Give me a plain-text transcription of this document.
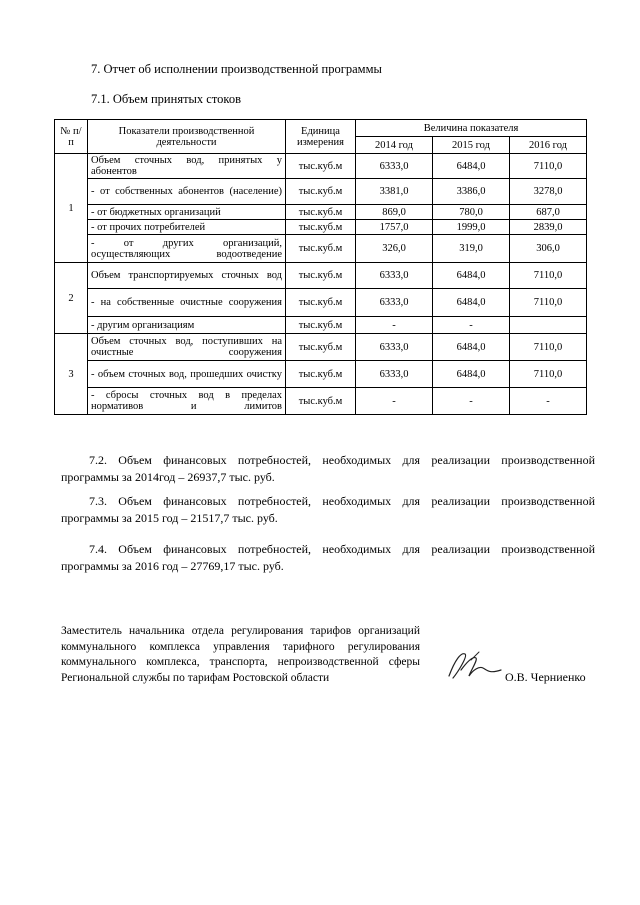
7. Отчет об исполнении производственной программы
7.1. Объем принятых стоков
№ п/п	Показатели производственной деятельности	Единица измерения	Величина показателя		
			2014 год	2015 год	2016 год
1	Объем сточных вод, принятых у абонентов	тыс.куб.м	6333,0	6484,0	7110,0
	- от собственных абонентов (население)	тыс.куб.м	3381,0	3386,0	3278,0
	- от бюджетных организаций	тыс.куб.м	869,0	780,0	687,0
	- от прочих потребителей	тыс.куб.м	1757,0	1999,0	2839,0
	- от других организаций, осуществляющих водоотведение	тыс.куб.м	326,0	319,0	306,0
2	Объем транспортируемых сточных вод	тыс.куб.м	6333,0	6484,0	7110,0
	- на собственные очистные сооружения	тыс.куб.м	6333,0	6484,0	7110,0
	- другим организациям	тыс.куб.м	-	-	
3	Объем сточных вод, поступивших на очистные сооружения	тыс.куб.м	6333,0	6484,0	7110,0
	- объем сточных вод, прошедших очистку	тыс.куб.м	6333,0	6484,0	7110,0
	- сбросы сточных вод в пределах нормативов и лимитов	тыс.куб.м	-	-	-
7.2. Объем финансовых потребностей, необходимых для реализации производственной программы за 2014год – 26937,7 тыс. руб.
7.3. Объем финансовых потребностей, необходимых для реализации производственной программы за 2015 год – 21517,7 тыс. руб.
7.4. Объем финансовых потребностей, необходимых для реализации производственной программы за 2016 год – 27769,17 тыс. руб.
Заместитель начальника отдела регулирования тарифов организаций коммунального комплекса управления тарифного регулирования коммунального комплекса, транспорта, непроизводственной сферы Региональной службы по тарифам Ростовской области	О.В. Черниенко
